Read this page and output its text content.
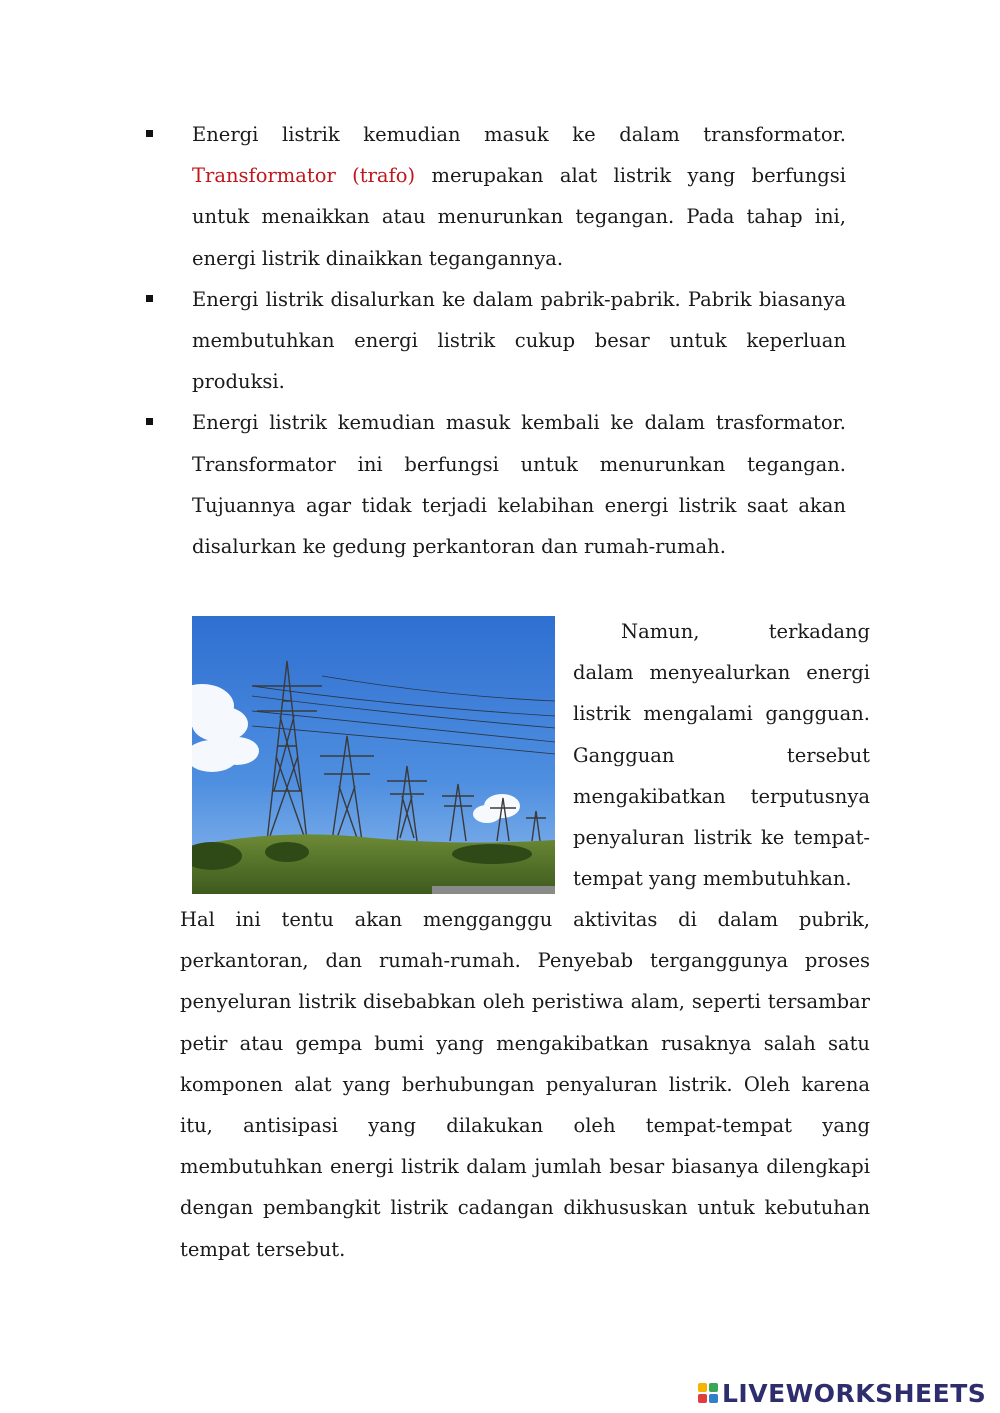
Energi listrik kemudian masuk ke dalam transformator. Transformator (trafo) merupakan alat listrik yang berfungsi untuk menaikkan atau menurunkan tegangan. Pada tahap ini, energi listrik dinaikkan tegangannya.
Energi listrik disalurkan ke dalam pabrik-pabrik. Pabrik biasanya membutuhkan energi listrik cukup besar untuk keperluan produksi.
Energi listrik kemudian masuk kembali ke dalam trasformator. Transformator ini berfungsi untuk menurunkan tegangan. Tujuannya agar tidak terjadi kelabihan energi listrik saat akan disalurkan ke gedung perkantoran dan rumah-rumah.

Namun, terkadang dalam menyealurkan energi listrik mengalami gangguan. Gangguan tersebut mengakibatkan terputusnya penyaluran listrik ke tempat-tempat yang membutuhkan.

Hal ini tentu akan mengganggu aktivitas di dalam pubrik, perkantoran, dan rumah-rumah. Penyebab terganggunya proses penyeluran listrik disebabkan oleh peristiwa alam, seperti tersambar petir atau gempa bumi yang mengakibatkan rusaknya salah satu komponen alat yang berhubungan penyaluran listrik. Oleh karena itu, antisipasi yang dilakukan oleh tempat-tempat yang membutuhkan energi listrik dalam jumlah besar biasanya dilengkapi dengan pembangkit listrik cadangan dikhususkan untuk kebutuhan tempat tersebut.

LIVEWORKSHEETS
